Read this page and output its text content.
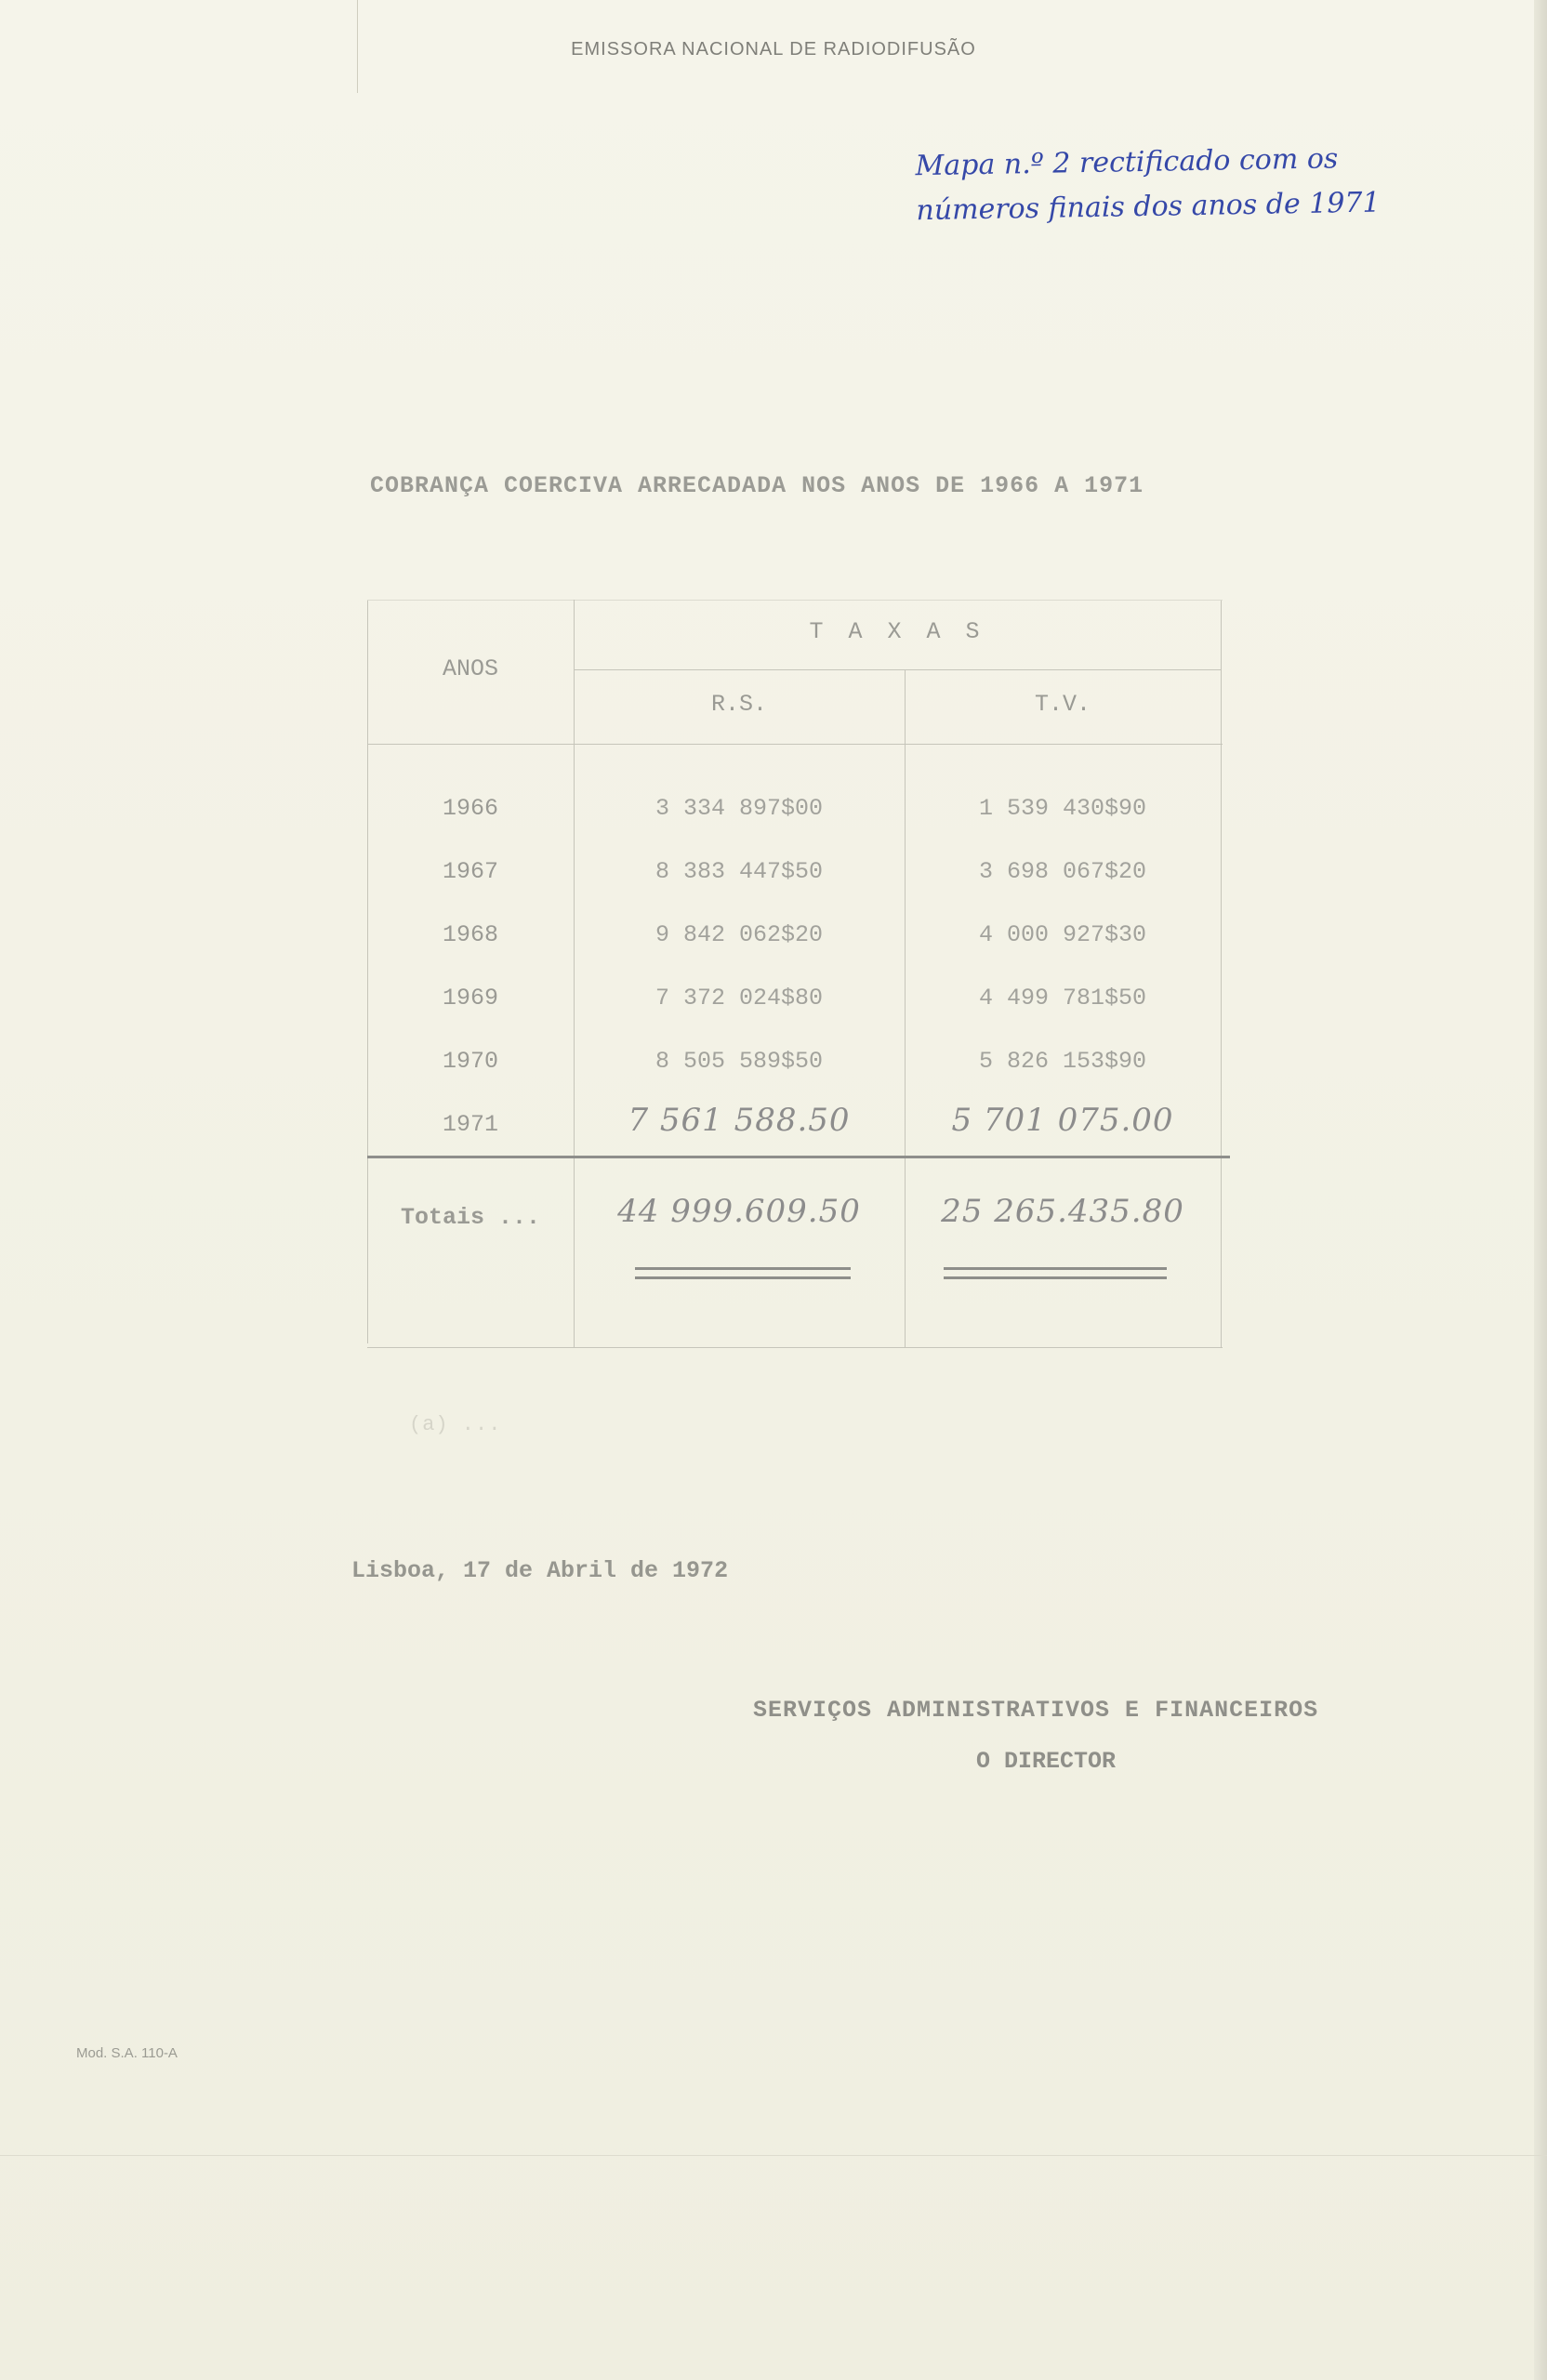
EMISSORA NACIONAL DE RADIODIFUSÃO
Mapa n.º 2 rectificado com os
números finais dos anos de 1971
COBRANÇA COERCIVA ARRECADADA NOS ANOS DE 1966 A 1971
ANOS
T A X A S
R.S.	T.V.
1966	3 334 897$00	1 539 430$90
1967	8 383 447$50	3 698 067$20
1968	9 842 062$20	4 000 927$30
1969	7 372 024$80	4 499 781$50
1970	8 505 589$50	5 826 153$90
1971	7 561 588.50	5 701 075.00
Totais ...	44 999.609.50	25 265.435.80
(a) ...
Lisboa, 17 de Abril de 1972
SERVIÇOS ADMINISTRATIVOS E FINANCEIROS
O DIRECTOR
Mod. S.A. 110-A
